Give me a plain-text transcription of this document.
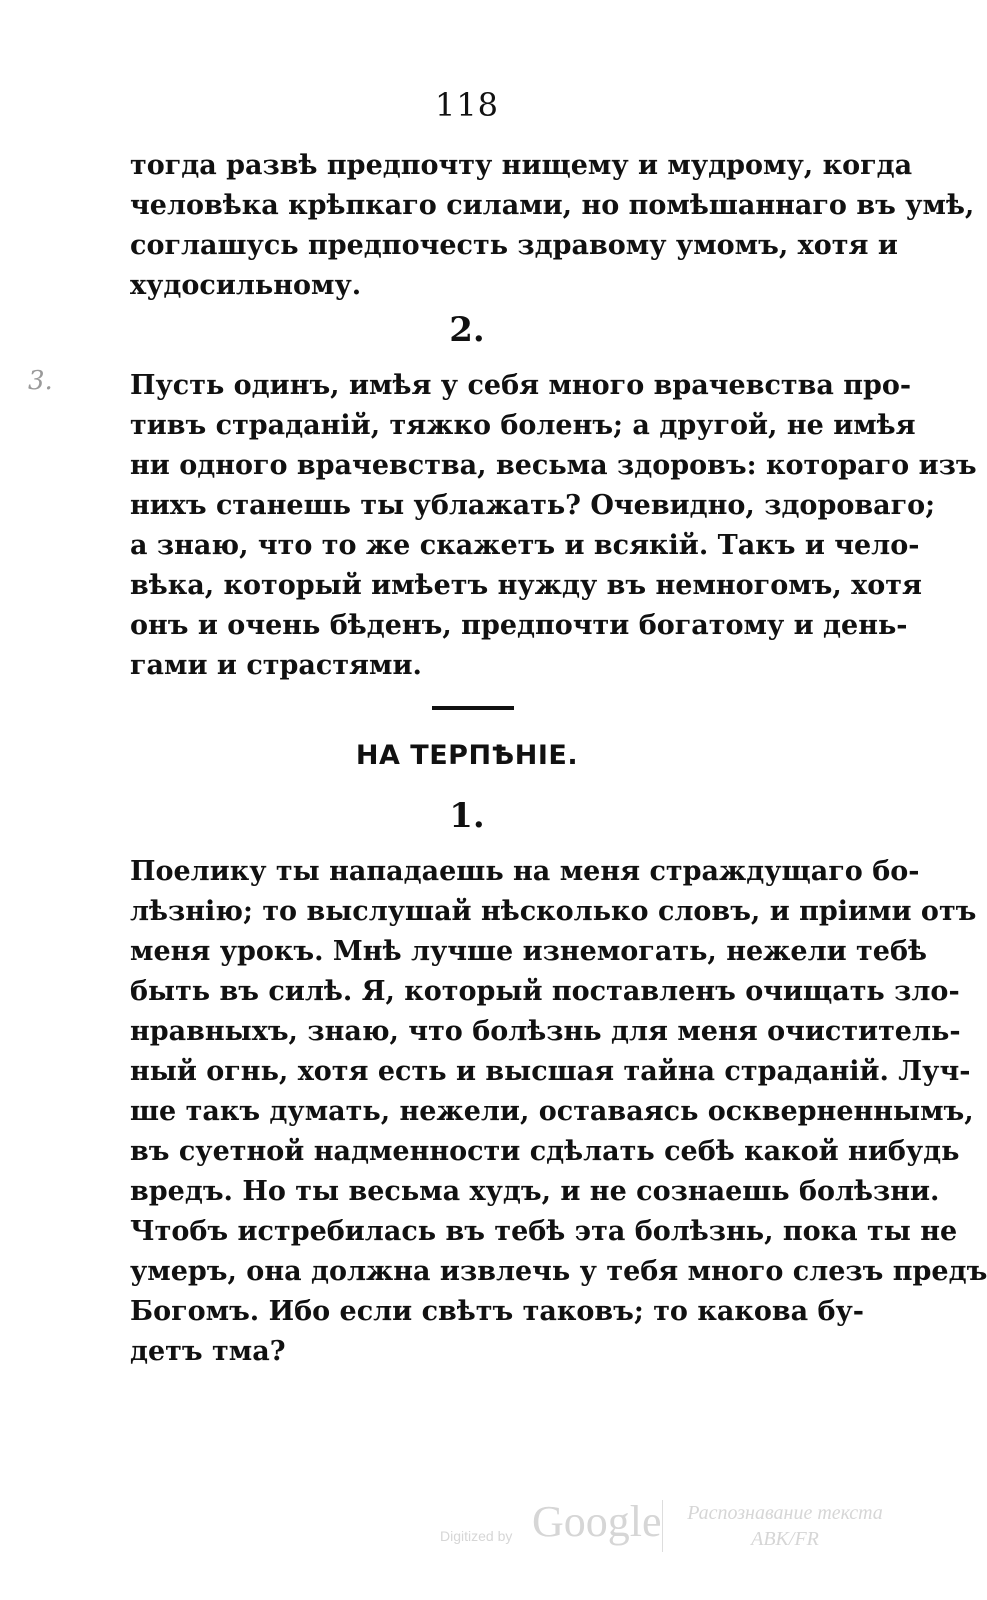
118
тогда развѣ предпочту нищему и мудрому, когда
человѣка крѣпкаго силами, но помѣшаннаго въ умѣ,
соглашусь предпочесть здравому умомъ, хотя и
худосильному.
2.
3.	Пусть одинъ, имѣя у себя много врачевства про-
тивъ страданій, тяжко боленъ; а другой, не имѣя
ни одного врачевства, весьма здоровъ: котораго изъ
нихъ станешь ты ублажать? Очевидно, здороваго;
а знаю, что то же скажетъ и всякій. Такъ и чело-
вѣка, который имѣетъ нужду въ немногомъ, хотя
онъ и очень бѣденъ, предпочти богатому и день-
гами и страстями.
НА ТЕРПѢНІЕ.
1.
Поелику ты нападаешь на меня страждущаго бо-
лѣзнію; то выслушай нѣсколько словъ, и пріими отъ
меня урокъ. Мнѣ лучше изнемогать, нежели тебѣ
быть въ силѣ. Я, который поставленъ очищать зло-
нравныхъ, знаю, что болѣзнь для меня очиститель-
ный огнь, хотя есть и высшая тайна страданій. Луч-
ше такъ думать, нежели, оставаясь оскверненнымъ,
въ суетной надменности сдѣлать себѣ какой нибудь
вредъ. Но ты весьма худъ, и не сознаешь болѣзни.
Чтобъ истребилась въ тебѣ эта болѣзнь, пока ты не
умеръ, она должна извлечь у тебя много слезъ предъ
Богомъ. Ибо если свѣтъ таковъ; то какова бу-
детъ тма?
Digitized by Google	Распознавание текста
ABK/FR
